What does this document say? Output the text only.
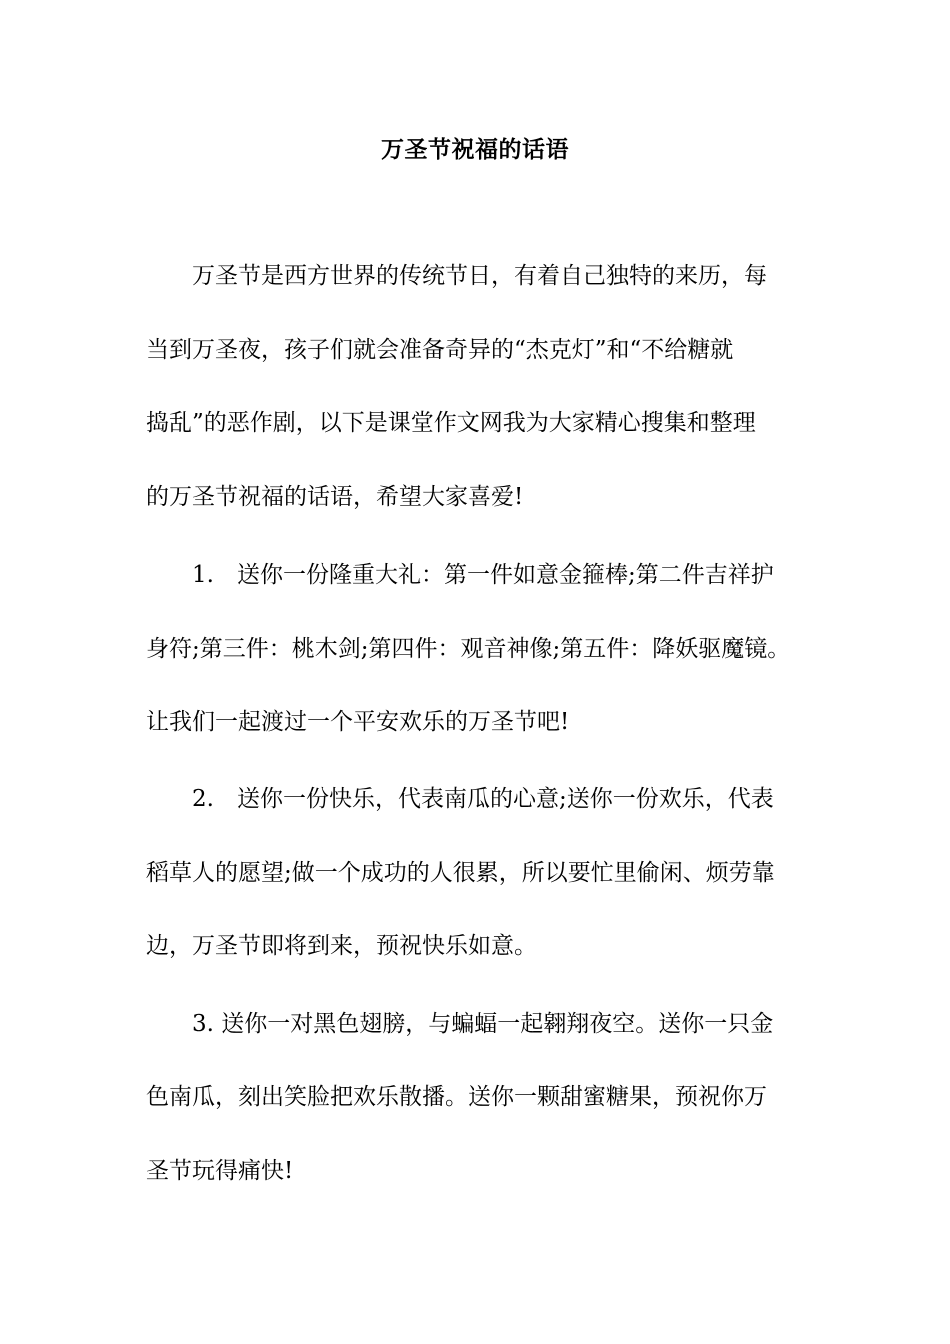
万圣节祝福的话语
万圣节是西方世界的传统节日，有着自己独特的来历，每
当到万圣夜，孩子们就会准备奇异的“杰克灯”和“不给糖就
捣乱”的恶作剧，以下是课堂作文网我为大家精心搜集和整理
的万圣节祝福的话语，希望大家喜爱!
1.　送你一份隆重大礼：第一件如意金箍棒;第二件吉祥护
身符;第三件：桃木剑;第四件：观音神像;第五件：降妖驱魔镜。
让我们一起渡过一个平安欢乐的万圣节吧!
2.　送你一份快乐，代表南瓜的心意;送你一份欢乐，代表
稻草人的愿望;做一个成功的人很累，所以要忙里偷闲、烦劳靠
边，万圣节即将到来，预祝快乐如意。
3. 送你一对黑色翅膀，与蝙蝠一起翱翔夜空。送你一只金
色南瓜，刻出笑脸把欢乐散播。送你一颗甜蜜糖果，预祝你万
圣节玩得痛快!
